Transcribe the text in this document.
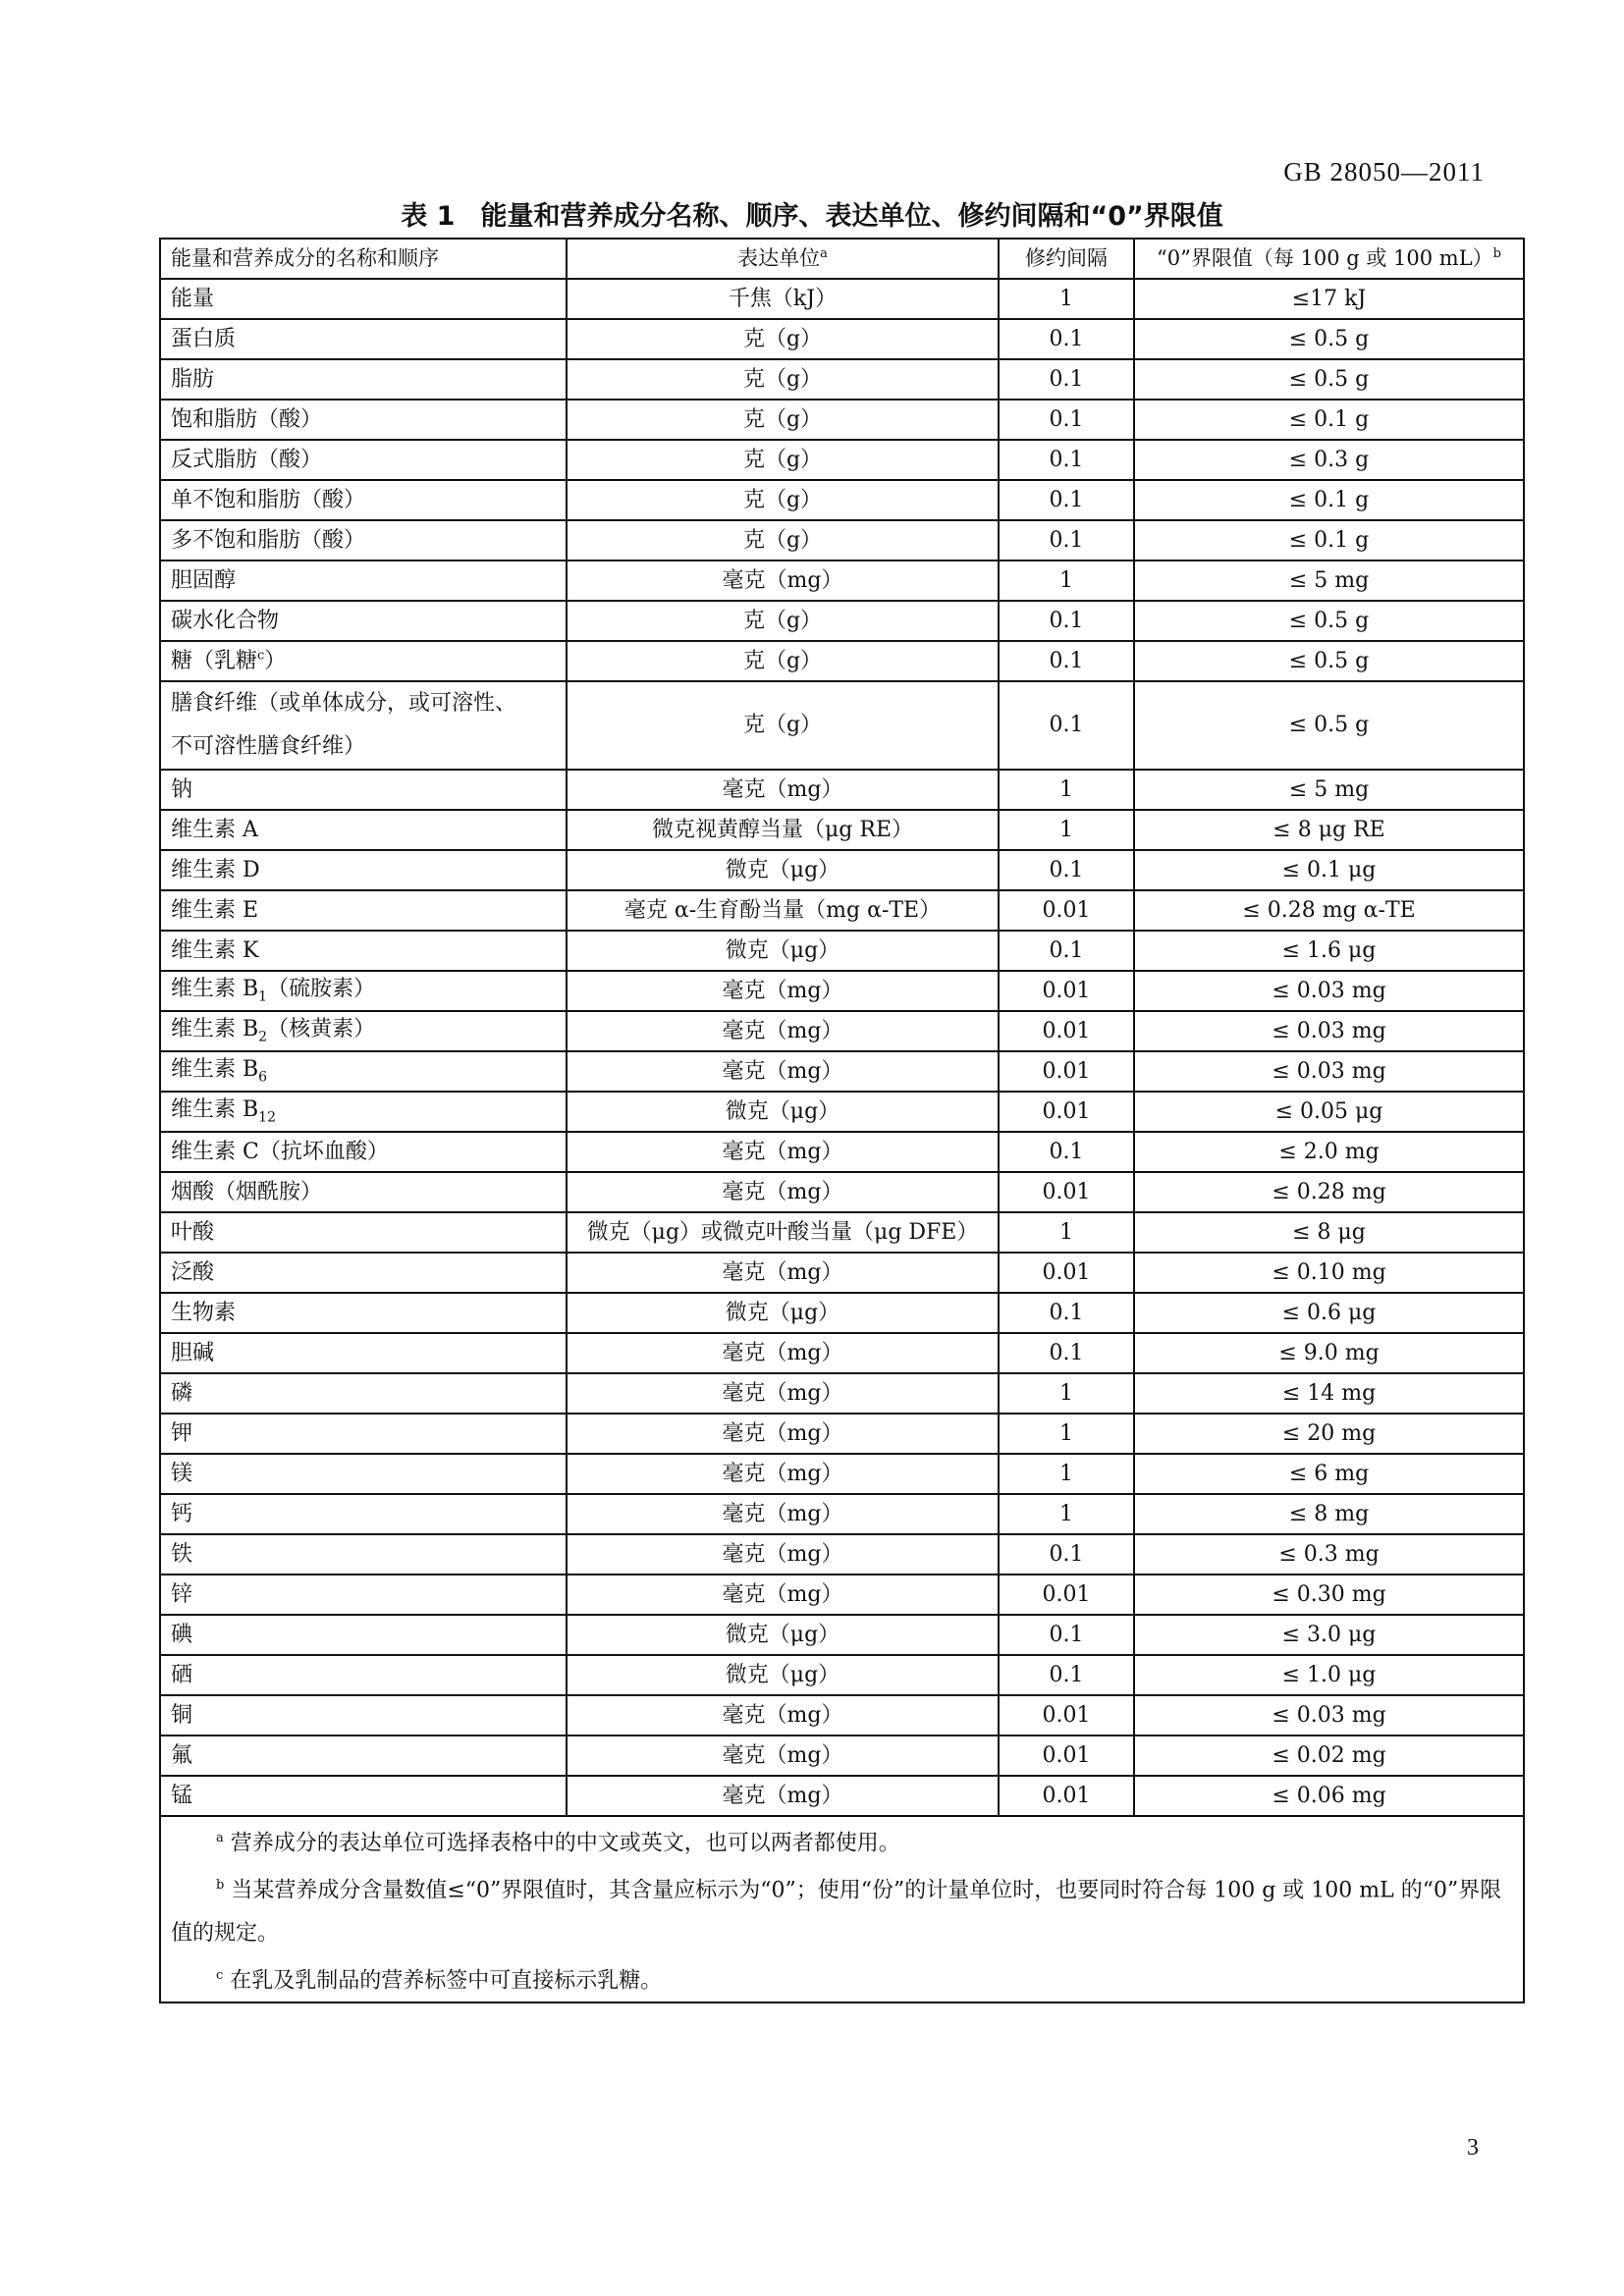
GB 28050—2011
表 1 能量和营养成分名称、顺序、表达单位、修约间隔和“0”界限值
能量和营养成分的名称和顺序	表达单位$^a$	修约间隔	“0”界限值（每 100 g 或 100 mL）$^b$
能量	千焦（kJ）	1	≤17 kJ
蛋白质	克（g）	0.1	≤ 0.5 g
脂肪	克（g）	0.1	≤ 0.5 g
饱和脂肪（酸）	克（g）	0.1	≤ 0.1 g
反式脂肪（酸）	克（g）	0.1	≤ 0.3 g
单不饱和脂肪（酸）	克（g）	0.1	≤ 0.1 g
多不饱和脂肪（酸）	克（g）	0.1	≤ 0.1 g
胆固醇	毫克（mg）	1	≤ 5 mg
碳水化合物	克（g）	0.1	≤ 0.5 g
糖（乳糖$^c$）	克（g）	0.1	≤ 0.5 g

膳食纤维（或单体成分，或可溶性、
不可溶性膳食纤维）	克（g）	0.1	≤ 0.5 g
钠	毫克（mg）	1	≤ 5 mg
维生素 A	微克视黄醇当量（μg RE）	1	≤ 8 μg RE
维生素 D	微克（μg）	0.1	≤ 0.1 μg
维生素 E	毫克 α-生育酚当量（mg α-TE）	0.01	≤ 0.28 mg α-TE
维生素 K	微克（μg）	0.1	≤ 1.6 μg
维生素 $B_1$（硫胺素）	毫克（mg）	0.01	≤ 0.03 mg
维生素 $B_2$（核黄素）	毫克（mg）	0.01	≤ 0.03 mg
维生素 $B_6$	毫克（mg）	0.01	≤ 0.03 mg
维生素 $B_{12}$	微克（μg）	0.01	≤ 0.05 μg
维生素 C（抗坏血酸）	毫克（mg）	0.1	≤ 2.0 mg
烟酸（烟酰胺）	毫克（mg）	0.01	≤ 0.28 mg
叶酸	微克（μg）或微克叶酸当量（μg DFE）	1	≤ 8 μg
泛酸	毫克（mg）	0.01	≤ 0.10 mg
生物素	微克（μg）	0.1	≤ 0.6 μg
胆碱	毫克（mg）	0.1	≤ 9.0 mg
磷	毫克（mg）	1	≤ 14 mg
钾	毫克（mg）	1	≤ 20 mg
镁	毫克（mg）	1	≤ 6 mg
钙	毫克（mg）	1	≤ 8 mg
铁	毫克（mg）	0.1	≤ 0.3 mg
锌	毫克（mg）	0.01	≤ 0.30 mg
碘	微克（μg）	0.1	≤ 3.0 μg
硒	微克（μg）	0.1	≤ 1.0 μg
铜	毫克（mg）	0.01	≤ 0.03 mg
氟	毫克（mg）	0.01	≤ 0.02 mg
锰	毫克（mg）	0.01	≤ 0.06 mg

$^a$ 营养成分的表达单位可选择表格中的中文或英文，也可以两者都使用。
$^b$ 当某营养成分含量数值≤“0”界限值时，其含量应标示为“0”；使用“份”的计量单位时，也要同时符合每 100 g 或 100 mL 的“0”界限值的规定。
$^c$ 在乳及乳制品的营养标签中可直接标示乳糖。			
3
